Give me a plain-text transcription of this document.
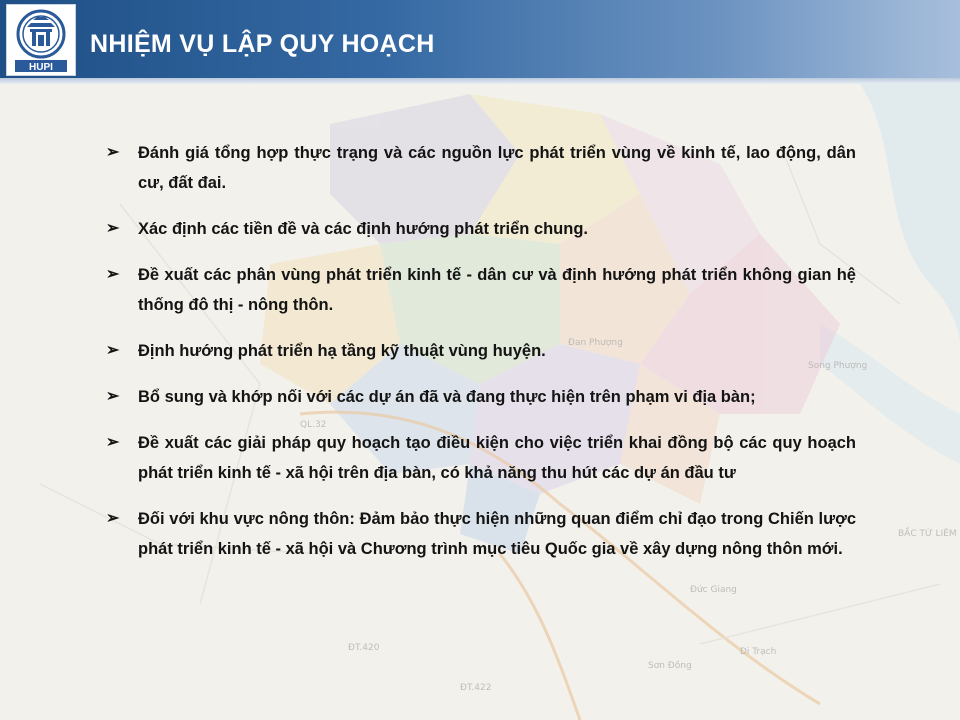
Đan Phượng
BẮC TỪ LIÊM
Sơn Đồng
Đức Giang
ĐT.420
ĐT.422
QL.32
Song Phượng
Di Trạch
HUPI
NHIỆM VỤ LẬP QUY HOẠCH
➢ Đánh giá tổng hợp thực trạng và các nguồn lực phát triển vùng về kinh tế, lao động, dân cư, đất đai.
➢ Xác định các tiền đề và các định hướng phát triển chung.
➢ Đề xuất các phân vùng phát triển kinh tế - dân cư và định hướng phát triển không gian hệ thống đô thị - nông thôn.
➢ Định hướng phát triển hạ tầng kỹ thuật vùng huyện.
➢ Bổ sung và khớp nối với các dự án đã và đang thực hiện trên phạm vi địa bàn;
➢ Đề xuất các giải pháp quy hoạch tạo điều kiện cho việc triển khai đồng bộ các quy hoạch phát triển kinh tế - xã hội trên địa bàn, có khả năng thu hút các dự án đầu tư
➢ Đối với khu vực nông thôn: Đảm bảo thực hiện những quan điểm chỉ đạo trong Chiến lược phát triển kinh tế - xã hội và Chương trình mục tiêu Quốc gia về xây dựng nông thôn mới.
